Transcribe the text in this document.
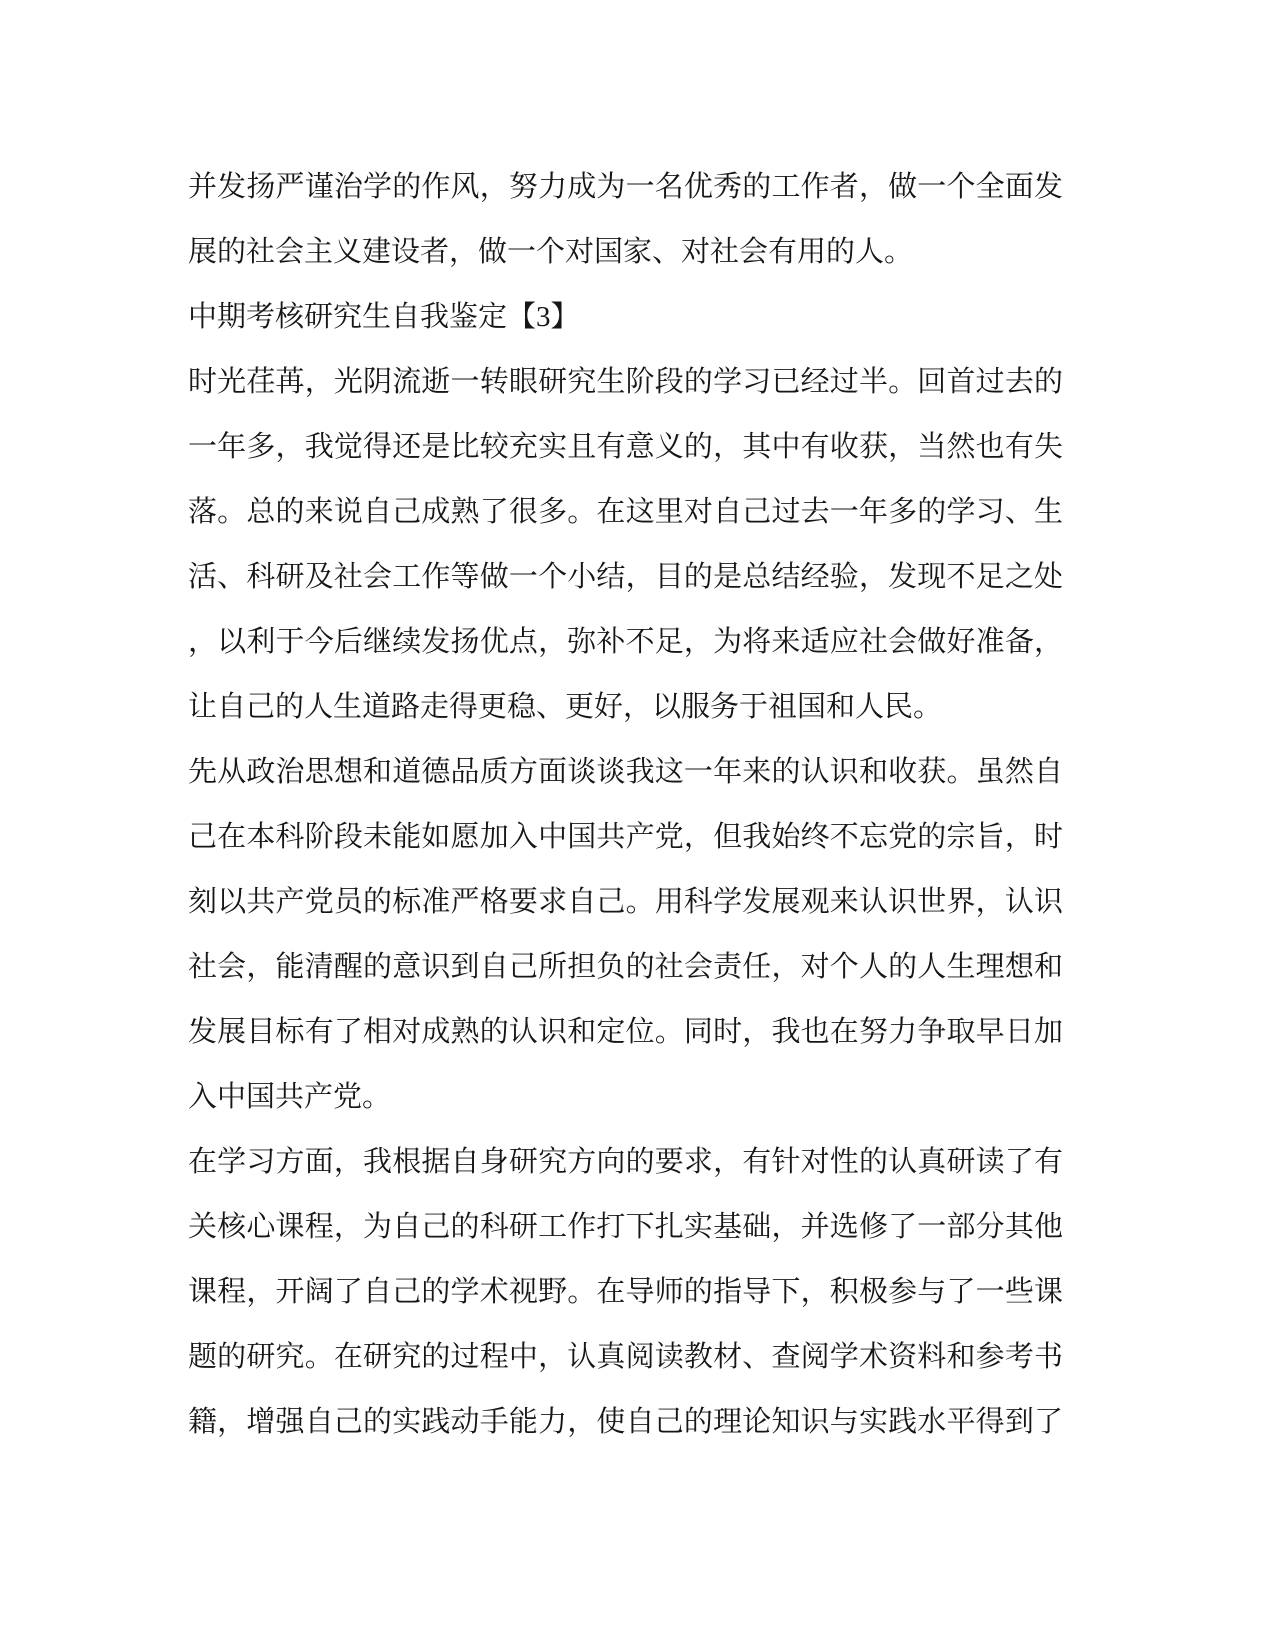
并发扬严谨治学的作风，努力成为一名优秀的工作者，做一个全面发
展的社会主义建设者，做一个对国家、对社会有用的人。
中期考核研究生自我鉴定【3】
时光荏苒，光阴流逝一转眼研究生阶段的学习已经过半。回首过去的
一年多，我觉得还是比较充实且有意义的，其中有收获，当然也有失
落。总的来说自己成熟了很多。在这里对自己过去一年多的学习、生
活、科研及社会工作等做一个小结，目的是总结经验，发现不足之处
，以利于今后继续发扬优点，弥补不足，为将来适应社会做好准备，
让自己的人生道路走得更稳、更好，以服务于祖国和人民。
先从政治思想和道德品质方面谈谈我这一年来的认识和收获。虽然自
己在本科阶段未能如愿加入中国共产党，但我始终不忘党的宗旨，时
刻以共产党员的标准严格要求自己。用科学发展观来认识世界，认识
社会，能清醒的意识到自己所担负的社会责任，对个人的人生理想和
发展目标有了相对成熟的认识和定位。同时，我也在努力争取早日加
入中国共产党。
在学习方面，我根据自身研究方向的要求，有针对性的认真研读了有
关核心课程，为自己的科研工作打下扎实基础，并选修了一部分其他
课程，开阔了自己的学术视野。在导师的指导下，积极参与了一些课
题的研究。在研究的过程中，认真阅读教材、查阅学术资料和参考书
籍，增强自己的实践动手能力，使自己的理论知识与实践水平得到了
